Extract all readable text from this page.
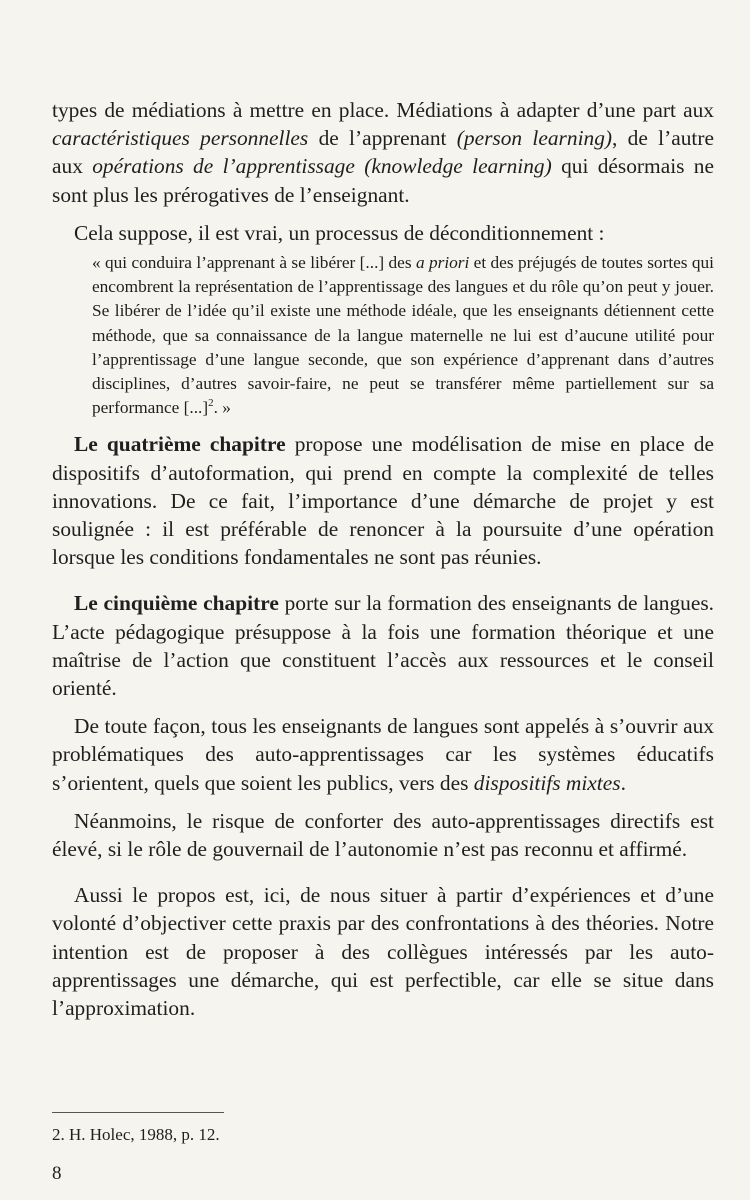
types de médiations à mettre en place. Médiations à adapter d’une part aux caractéristiques personnelles de l’apprenant (person learning), de l’autre aux opérations de l’apprentissage (knowledge learning) qui désormais ne sont plus les prérogatives de l’enseignant.

Cela suppose, il est vrai, un processus de déconditionnement :

« qui conduira l’apprenant à se libérer [...] des a priori et des préjugés de toutes sortes qui encombrent la représentation de l’apprentissage des langues et du rôle qu’on peut y jouer. Se libérer de l’idée qu’il existe une méthode idéale, que les enseignants détiennent cette méthode, que sa connaissance de la langue maternelle ne lui est d’aucune utilité pour l’apprentissage d’une langue seconde, que son expérience d’apprenant dans d’autres disciplines, d’autres savoir-faire, ne peut se transférer même partiellement sur sa performance [...]$^2$. »

Le quatrième chapitre propose une modélisation de mise en place de dispositifs d’autoformation, qui prend en compte la complexité de telles innovations. De ce fait, l’importance d’une démarche de projet y est soulignée : il est préférable de renoncer à la poursuite d’une opération lorsque les conditions fondamentales ne sont pas réunies.

Le cinquième chapitre porte sur la formation des enseignants de langues. L’acte pédagogique présuppose à la fois une formation théorique et une maîtrise de l’action que constituent l’accès aux ressources et le conseil orienté.

De toute façon, tous les enseignants de langues sont appelés à s’ouvrir aux problématiques des auto-apprentissages car les systèmes éducatifs s’orientent, quels que soient les publics, vers des dispositifs mixtes.

Néanmoins, le risque de conforter des auto-apprentissages directifs est élevé, si le rôle de gouvernail de l’autonomie n’est pas reconnu et affirmé.

Aussi le propos est, ici, de nous situer à partir d’expériences et d’une volonté d’objectiver cette praxis par des confrontations à des théories. Notre intention est de proposer à des collègues intéressés par les auto-apprentissages une démarche, qui est perfectible, car elle se situe dans l’approximation.

2. H. Holec, 1988, p. 12.
8
